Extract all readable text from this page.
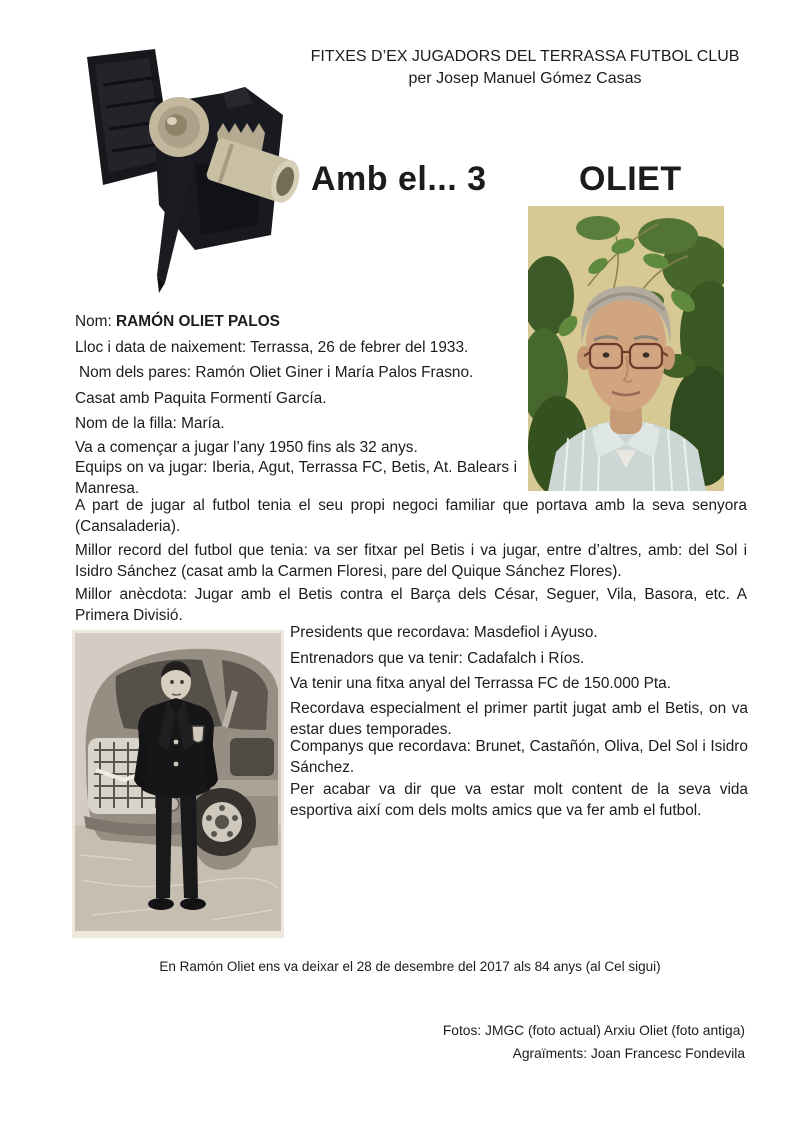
FITXES D’EX JUGADORS DEL TERRASSA FUTBOL CLUB
per Josep Manuel Gómez Casas
Amb el... 3	OLIET
Nom: RAMÓN OLIET PALOS
Lloc i data de naixement: Terrassa, 26 de febrer del 1933.
Nom dels pares: Ramón Oliet Giner i María Palos Frasno.
Casat amb Paquita Formentí García.
Nom de la filla: María.
Va a començar a jugar l’any 1950 fins als 32 anys.
Equips on va jugar: Iberia, Agut, Terrassa FC, Betis, At. Balears i Manresa.
A part de jugar al futbol tenia el seu propi negoci familiar que portava amb la seva senyora (Cansaladeria).
Millor record del futbol que tenia: va ser fitxar pel Betis i va jugar, entre d’altres, amb: del Sol i Isidro Sánchez (casat amb la Carmen Floresi, pare del Quique Sánchez Flores).
Millor anècdota: Jugar amb el Betis contra el Barça dels César, Seguer, Vila, Basora, etc. A Primera Divisió.
Presidents que recordava: Masdefiol i Ayuso.
Entrenadors que va tenir: Cadafalch i Ríos.
Va tenir una fitxa anyal del Terrassa FC de 150.000 Pta.
Recordava especialment el primer partit jugat amb el Betis, on va estar dues temporades.
Companys que recordava: Brunet, Castañón, Oliva, Del Sol i Isidro Sánchez.
Per acabar va dir que va estar molt content de la seva vida esportiva així com dels molts amics que va fer amb el futbol.
En Ramón Oliet ens va deixar el 28 de desembre del 2017 als 84 anys (al Cel sigui)
Fotos: JMGC (foto actual) Arxiu Oliet (foto antiga)
Agraïments: Joan Francesc Fondevila
